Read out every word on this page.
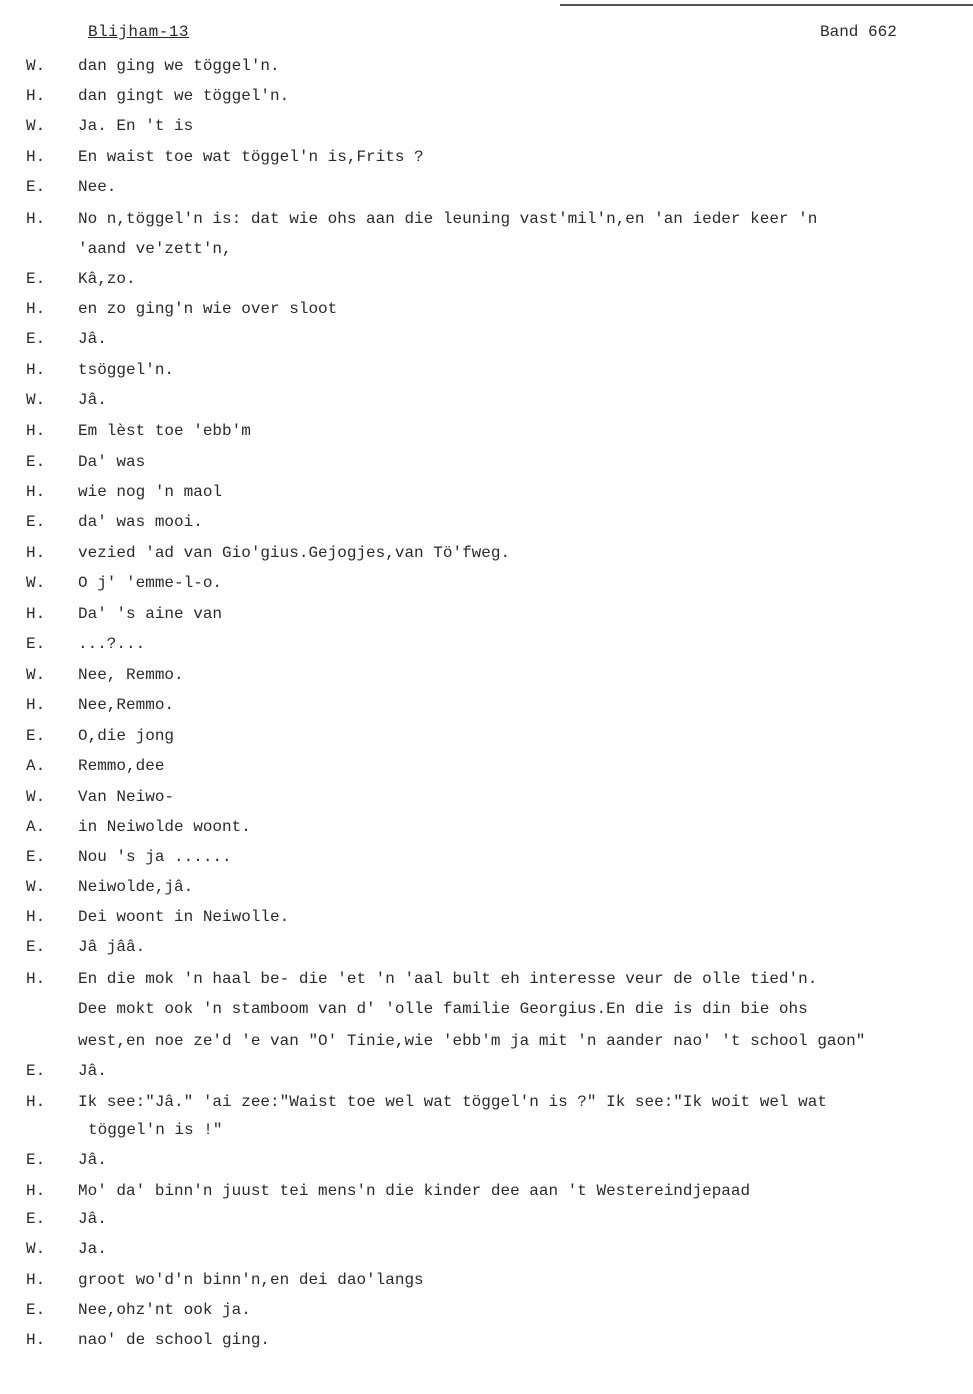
Blijham-13	Band 662
W.	dan ging we töggel'n.
H.	dan gingt we töggel'n.
W.	Ja. En 't is
H.	En waist toe wat töggel'n is,Frits ?
E.	Nee.
H.	No n,töggel'n is: dat wie ohs aan die leuning vast'mil'n,en 'an ieder keer 'n
'aand ve'zett'n,
E.	Kâ,zo.
H.	en zo ging'n wie over sloot
E.	Jâ.
H.	tsöggel'n.
W.	Jâ.
H.	Em lèst toe 'ebb'm
E.	Da' was
H.	wie nog 'n maol
E.	da' was mooi.
H.	vezied 'ad van Gio'gius.Gejogjes,van Tö'fweg.
W.	O j' 'emme-l-o.
H.	Da' 's aine van
E.	...?...
W.	Nee, Remmo.
H.	Nee,Remmo.
E.	O,die jong
A.	Remmo,dee
W.	Van Neiwo-
A.	in Neiwolde woont.
E.	Nou 's ja ......
W.	Neiwolde,jâ.
H.	Dei woont in Neiwolle.
E.	Jâ jââ.
H.	En die mok 'n haal be- die 'et 'n 'aal bult eh interesse veur de olle tied'n.
Dee mokt ook 'n stamboom van d' 'olle familie Georgius.En die is din bie ohs
west,en noe ze'd 'e van "O' Tinie,wie 'ebb'm ja mit 'n aander nao' 't school gaon"
E.	Jâ.
H.	Ik see:"Jâ." 'ai zee:"Waist toe wel wat töggel'n is ?" Ik see:"Ik woit wel wat
töggel'n is !"
E.	Jâ.
H.	Mo' da' binn'n juust tei mens'n die kinder dee aan 't Westereindjepaad
E.	Jâ.
W.	Ja.
H.	groot wo'd'n binn'n,en dei dao'langs
E.	Nee,ohz'nt ook ja.
H.	nao' de school ging.
